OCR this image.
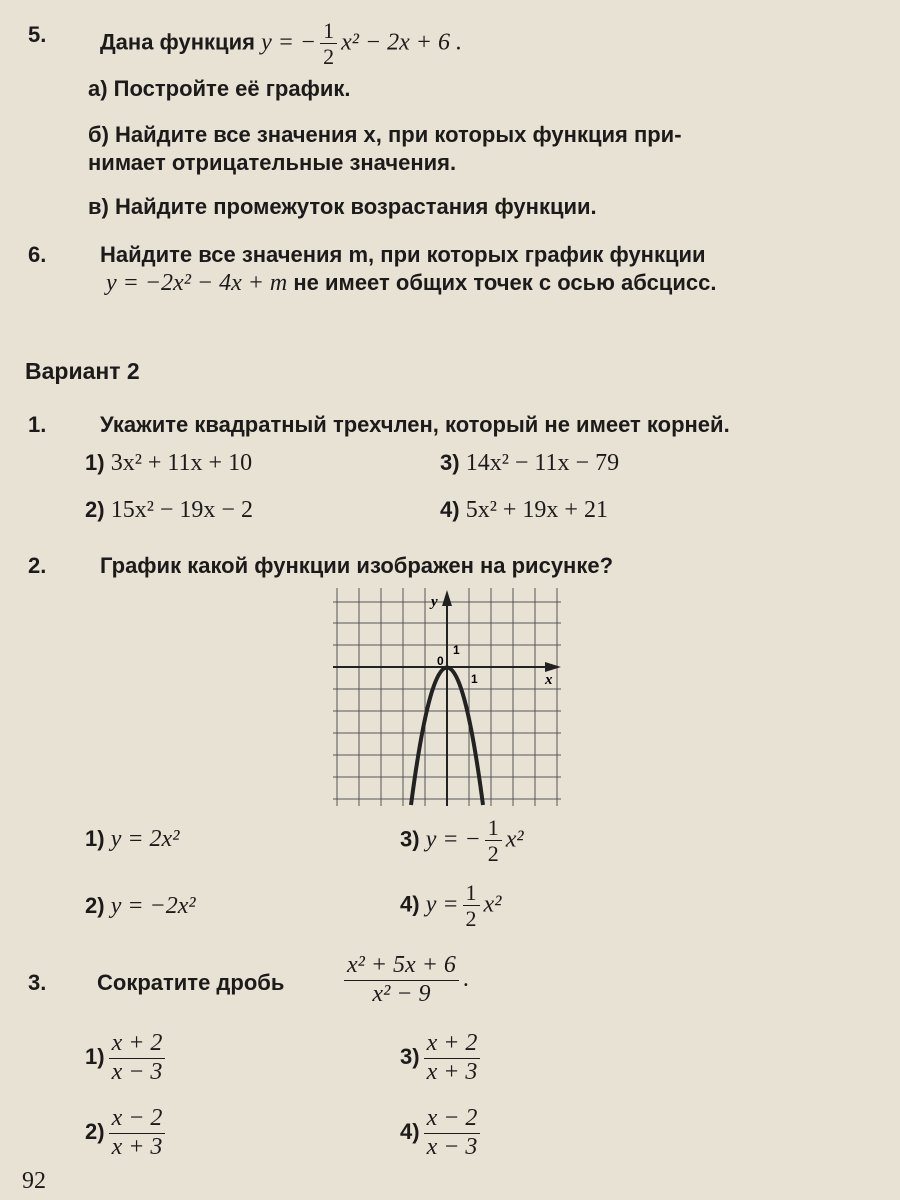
5. Дана функция y = − $\frac{1}{2} x^2 - 2x + 6$ .
а) Постройте её график.
б) Найдите все значения x, при которых функция при-
нимает отрицательные значения.
в) Найдите промежуток возрастания функции.
6. Найдите все значения m, при которых график функции
y = −2x² − 4x + m не имеет общих точек с осью абсцисс.
Вариант 2
1. Укажите квадратный трехчлен, который не имеет корней.
1) 3x² + 11x + 10
2) 15x² − 19x − 2
3) 14x² − 11x − 79
4) 5x² + 19x + 21
2. График какой функции изображен на рисунке?
y
x
0
1
1
1) y = 2x²
2) y = −2x²
3) y = − $\frac{1}{2} x^2$
4) $y = \frac{1}{2} x^2$
3. Сократите дробь $\frac{\text{x² + 5x + 6}}{\text{x² − 9}}$ .
$1) \frac{x + 2}{x - 3}$
$2) \frac{x - 2}{x + 3}$
$3) \frac{x + 2}{x + 3}$
$4) \frac{x - 2}{x - 3}$
92
